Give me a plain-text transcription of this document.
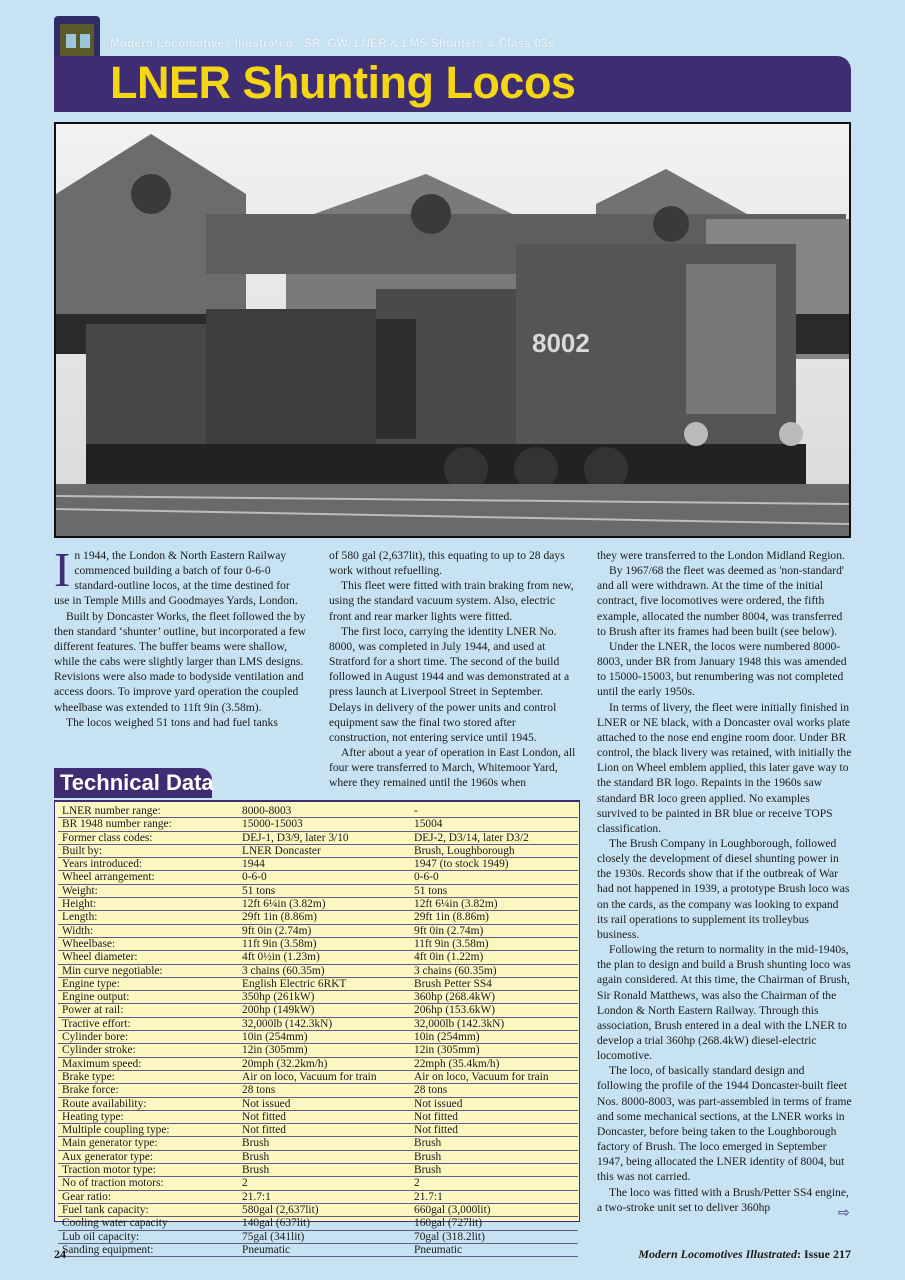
Modern Locomotives Illustrated - SR, GW, LNER & LMS Shunters & Class 03s
LNER Shunting Locos
8002

In 1944, the London & North Eastern Railway commenced building a batch of four 0-6-0 standard-outline locos, at the time destined for use in Temple Mills and Goodmayes Yards, London.

Built by Doncaster Works, the fleet followed the by then standard ‘shunter’ outline, but incorporated a few different features. The buffer beams were shallow, while the cabs were slightly larger than LMS designs. Revisions were also made to bodyside ventilation and access doors. To improve yard operation the coupled wheelbase was extended to 11ft 9in (3.58m).

The locos weighed 51 tons and had fuel tanks

of 580 gal (2,637lit), this equating to up to 28 days work without refuelling.

This fleet were fitted with train braking from new, using the standard vacuum system. Also, electric front and rear marker lights were fitted.

The first loco, carrying the identity LNER No. 8000, was completed in July 1944, and used at Stratford for a short time. The second of the build followed in August 1944 and was demonstrated at a press launch at Liverpool Street in September. Delays in delivery of the power units and control equipment saw the final two stored after construction, not entering service until 1945.

After about a year of operation in East London, all four were transferred to March, Whitemoor Yard, where they remained until the 1960s when

they were transferred to the London Midland Region.

By 1967/68 the fleet was deemed as 'non-standard' and all were withdrawn. At the time of the initial contract, five locomotives were ordered, the fifth example, allocated the number 8004, was transferred to Brush after its frames had been built (see below).

Under the LNER, the locos were numbered 8000-8003, under BR from January 1948 this was amended to 15000-15003, but renumbering was not completed until the early 1950s.

In terms of livery, the fleet were initially finished in LNER or NE black, with a Doncaster oval works plate attached to the nose end engine room door. Under BR control, the black livery was retained, with initially the Lion on Wheel emblem applied, this later gave way to the standard BR logo. Repaints in the 1960s saw standard BR loco green applied. No examples survived to be painted in BR blue or receive TOPS classification.

The Brush Company in Loughborough, followed closely the development of diesel shunting power in the 1930s. Records show that if the outbreak of War had not happened in 1939, a prototype Brush loco was on the cards, as the company was looking to expand its rail operations to supplement its trolleybus business.

Following the return to normality in the mid-1940s, the plan to design and build a Brush shunting loco was again considered. At this time, the Chairman of Brush, Sir Ronald Matthews, was also the Chairman of the London & North Eastern Railway. Through this association, Brush entered in a deal with the LNER to develop a trial 360hp (268.4kW) diesel-electric locomotive.

The loco, of basically standard design and following the profile of the 1944 Doncaster-built fleet Nos. 8000-8003, was part-assembled in terms of frame and some mechanical sections, at the LNER works in Doncaster, before being taken to the Loughborough factory of Brush. The loco emerged in September 1947, being allocated the LNER identity of 8004, but this was not carried.

The loco was fitted with a Brush/Petter SS4 engine, a two-stroke unit set to deliver 360hp

Technical Data
LNER number range:	8000-8003	-
BR 1948 number range:	15000-15003	15004
Former class codes:	DEJ-1, D3/9, later 3/10	DEJ-2, D3/14, later D3/2
Built by:	LNER Doncaster	Brush, Loughborough
Years introduced:	1944	1947 (to stock 1949)
Wheel arrangement:	0-6-0	0-6-0
Weight:	51 tons	51 tons
Height:	12ft 6¼in (3.82m)	12ft 6¼in (3.82m)
Length:	29ft 1in (8.86m)	29ft 1in (8.86m)
Width:	9ft 0in (2.74m)	9ft 0in (2.74m)
Wheelbase:	11ft 9in (3.58m)	11ft 9in (3.58m)
Wheel diameter:	4ft 0½in (1.23m)	4ft 0in (1.22m)
Min curve negotiable:	3 chains (60.35m)	3 chains (60.35m)
Engine type:	English Electric 6RKT	Brush Petter SS4
Engine output:	350hp (261kW)	360hp (268.4kW)
Power at rail:	200hp (149kW)	206hp (153.6kW)
Tractive effort:	32,000lb (142.3kN)	32,000lb (142.3kN)
Cylinder bore:	10in (254mm)	10in (254mm)
Cylinder stroke:	12in (305mm)	12in (305mm)
Maximum speed:	20mph (32.2km/h)	22mph (35.4km/h)
Brake type:	Air on loco, Vacuum for train	Air on loco, Vacuum for train
Brake force:	28 tons	28 tons
Route availability:	Not issued	Not issued
Heating type:	Not fitted	Not fitted
Multiple coupling type:	Not fitted	Not fitted
Main generator type:	Brush	Brush
Aux generator type:	Brush	Brush
Traction motor type:	Brush	Brush
No of traction motors:	2	2
Gear ratio:	21.7:1	21.7:1
Fuel tank capacity:	580gal (2,637lit)	660gal (3,000lit)
Cooling water capacity	140gal (637lit)	160gal (727lit)
Lub oil capacity:	75gal (341lit)	70gal (318.2lit)
Sanding equipment:	Pneumatic	Pneumatic
24	Modern Locomotives Illustrated: Issue 217
⇨
